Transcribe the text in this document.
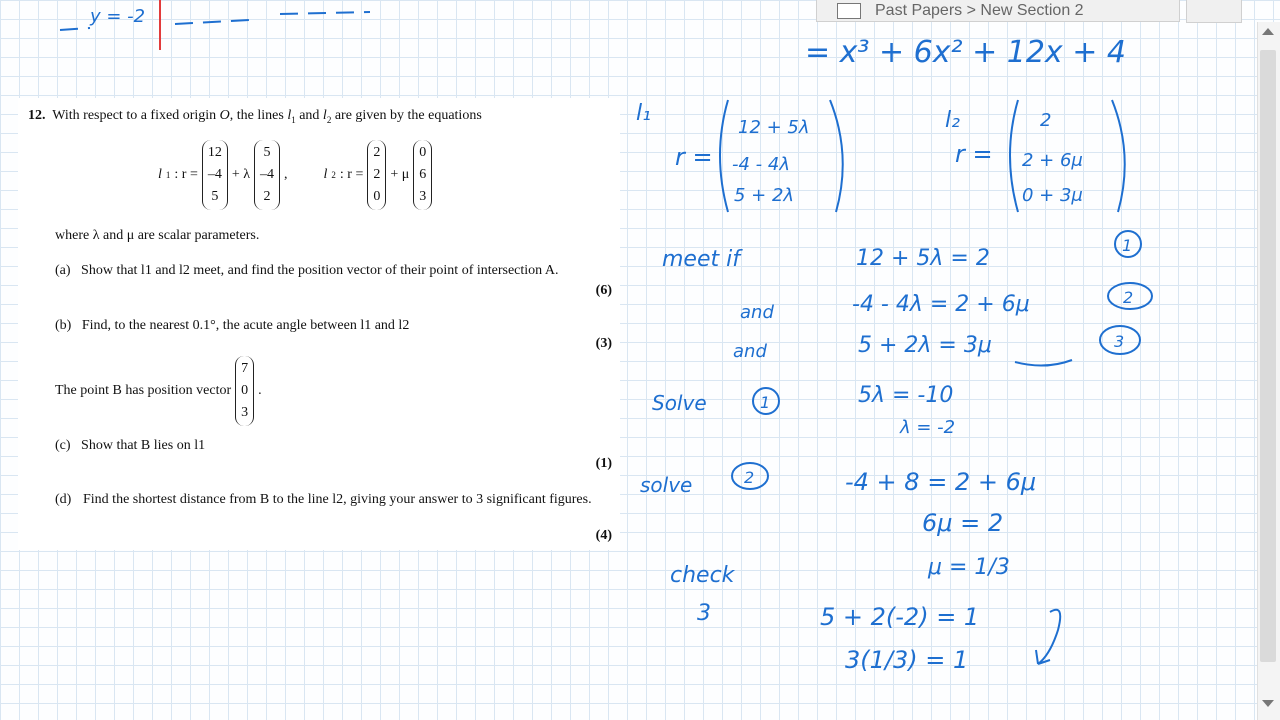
Past Papers > New Section 2
12. With respect to a fixed origin O, the lines $l_1$ and $l_2$ are given by the equations
l 1 : r =
12
–4
5
+ λ
5
–4
2
,	l 2 : r =
2
2
0
+ μ
0
6
3
where λ and μ are scalar parameters.
(a) Show that l1 and l2 meet, and find the position vector of their point of intersection A.
(6)
(b) Find, to the nearest 0.1°, the acute angle between l1 and l2
(3)
The point B has position vector
7
0
3
.
(c) Show that B lies on l1
(1)
(d) Find the shortest distance from B to the line l2, giving your answer to 3 significant figures.
(4)
y = -2
= x³ + 6x² + 12x + 4
l₁
r =
12 + 5λ
-4 - 4λ
5 + 2λ
l₂
r =
2
2 + 6μ
0 + 3μ
meet if	12 + 5λ = 2
1
and	-4 - 4λ = 2 + 6μ	2
and	5 + 2λ = 3μ	3
Solve	1	5λ = -10
λ = -2
solve	2	-4 + 8 = 2 + 6μ
6μ = 2
μ = 1/3
check
3	5 + 2(-2) = 1
3(1/3) = 1
